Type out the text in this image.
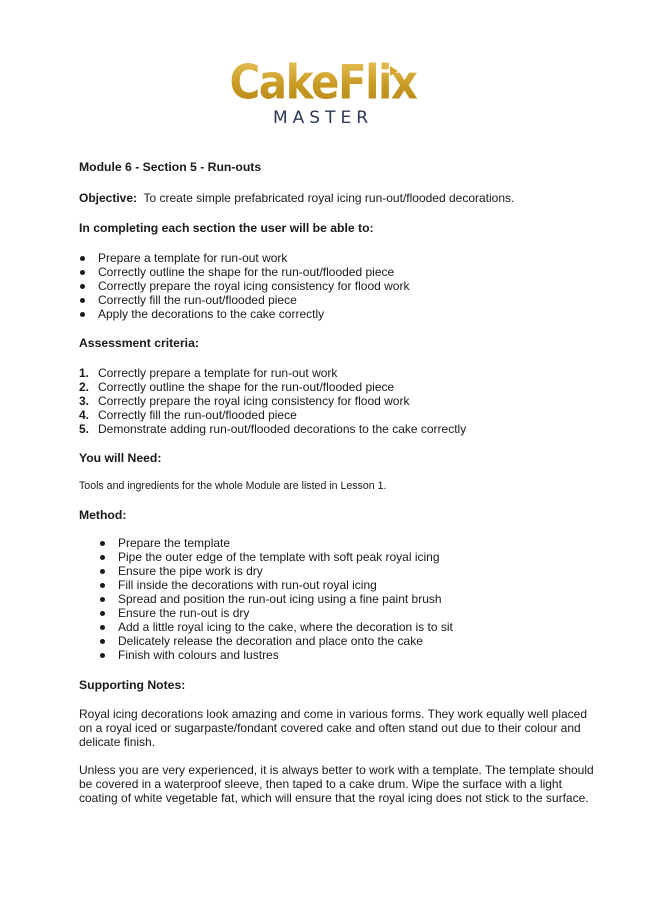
CakeFlix
MASTER

Module 6 - Section 5 - Run-outs

Objective: To create simple prefabricated royal icing run-out/flooded decorations.

In completing each section the user will be able to:

Prepare a template for run-out work
Correctly outline the shape for the run-out/flooded piece
Correctly prepare the royal icing consistency for flood work
Correctly fill the run-out/flooded piece
Apply the decorations to the cake correctly

Assessment criteria:

1. Correctly prepare a template for run-out work
2. Correctly outline the shape for the run-out/flooded piece
3. Correctly prepare the royal icing consistency for flood work
4. Correctly fill the run-out/flooded piece
5. Demonstrate adding run-out/flooded decorations to the cake correctly

You will Need:

Tools and ingredients for the whole Module are listed in Lesson 1.

Method:

Prepare the template
Pipe the outer edge of the template with soft peak royal icing
Ensure the pipe work is dry
Fill inside the decorations with run-out royal icing
Spread and position the run-out icing using a fine paint brush
Ensure the run-out is dry
Add a little royal icing to the cake, where the decoration is to sit
Delicately release the decoration and place onto the cake
Finish with colours and lustres

Supporting Notes:

Royal icing decorations look amazing and come in various forms. They work equally well placed on a royal iced or sugarpaste/fondant covered cake and often stand out due to their colour and delicate finish.

Unless you are very experienced, it is always better to work with a template. The template should be covered in a waterproof sleeve, then taped to a cake drum. Wipe the surface with a light coating of white vegetable fat, which will ensure that the royal icing does not stick to the surface.
